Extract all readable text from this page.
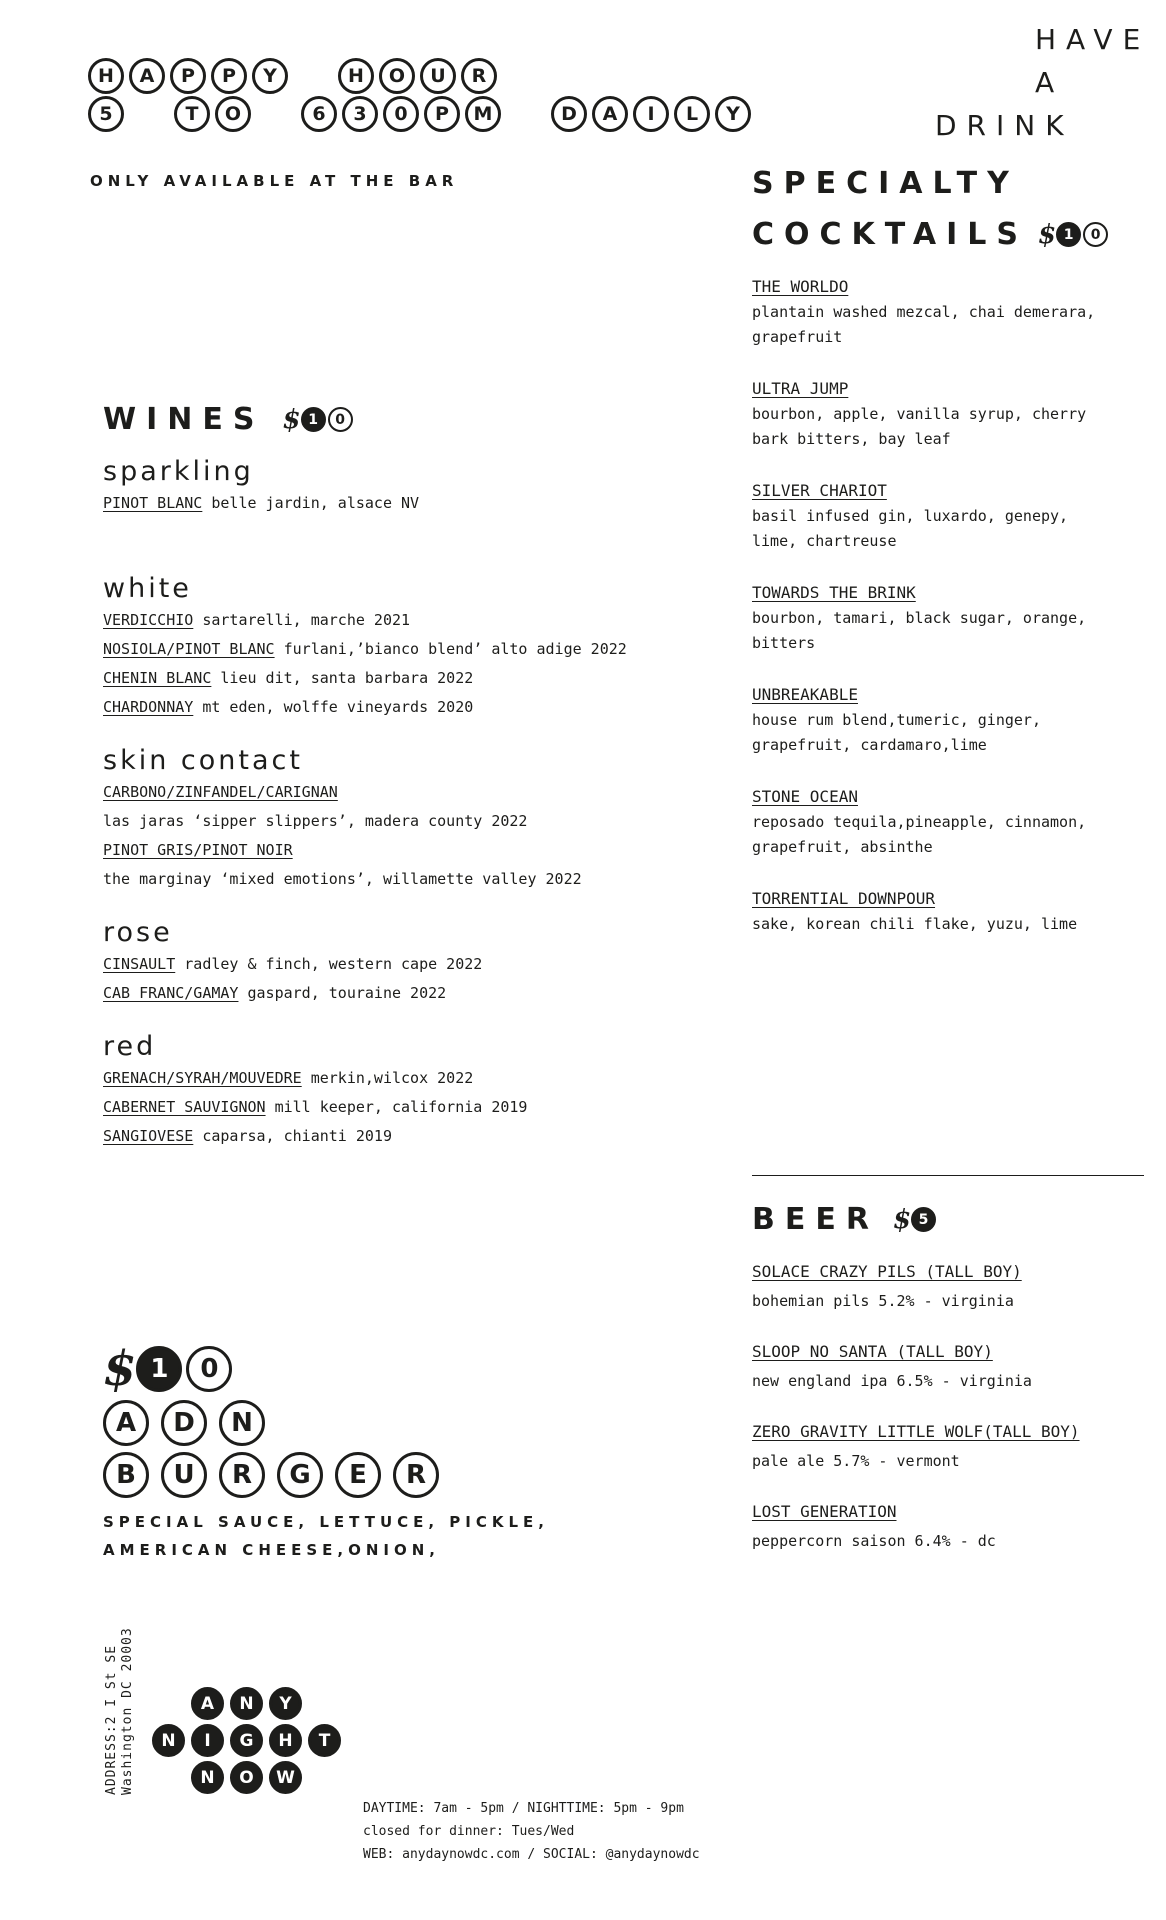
H	A	P	P	Y	H	O	U	R
5	T	O	6	3	0	P	M	D	A	I	L	Y
ONLY AVAILABLE AT THE BAR
HAVE
A
DRINK
WINES $ 1	0
sparkling
PINOT BLANC belle jardin, alsace NV
white
VERDICCHIO sartarelli, marche 2021
NOSIOLA/PINOT BLANC furlani,’bianco blend’ alto adige 2022
CHENIN BLANC lieu dit, santa barbara 2022
CHARDONNAY mt eden, wolffe vineyards 2020
skin contact
CARBONO/ZINFANDEL/CARIGNAN
las jaras ‘sipper slippers’, madera county 2022
PINOT GRIS/PINOT NOIR
the marginay ‘mixed emotions’, willamette valley 2022
rose
CINSAULT radley & finch, western cape 2022
CAB FRANC/GAMAY gaspard, touraine 2022
red
GRENACH/SYRAH/MOUVEDRE merkin,wilcox 2022
CABERNET SAUVIGNON mill keeper, california 2019
SANGIOVESE caparsa, chianti 2019
SPECIALTY
COCKTAILS $ 1	0
THE WORLDO
plantain washed mezcal, chai demerara, grapefruit
ULTRA JUMP
bourbon, apple, vanilla syrup, cherry bark bitters, bay leaf
SILVER CHARIOT
basil infused gin, luxardo, genepy, lime, chartreuse
TOWARDS THE BRINK
bourbon, tamari, black sugar, orange, bitters
UNBREAKABLE
house rum blend,tumeric, ginger, grapefruit, cardamaro,lime
STONE OCEAN
reposado tequila,pineapple, cinnamon, grapefruit, absinthe
TORRENTIAL DOWNPOUR
sake, korean chili flake, yuzu, lime
BEER $ 5
SOLACE CRAZY PILS (TALL BOY)
bohemian pils 5.2% - virginia
SLOOP NO SANTA (TALL BOY)
new england ipa 6.5% - virginia
ZERO GRAVITY LITTLE WOLF(TALL BOY)
pale ale 5.7% - vermont
LOST GENERATION
peppercorn saison 6.4% - dc
$ 1	0
A	D	N
B	U	R	G	E	R
SPECIAL SAUCE, LETTUCE, PICKLE,
AMERICAN CHEESE,ONION,
ADDRESS:2 I St SE Washington DC 20003	A	N	Y
N	I	G	H	T
N	O	W
DAYTIME: 7am - 5pm / NIGHTTIME: 5pm - 9pm
closed for dinner: Tues/Wed
WEB: anydaynowdc.com / SOCIAL: @anydaynowdc
